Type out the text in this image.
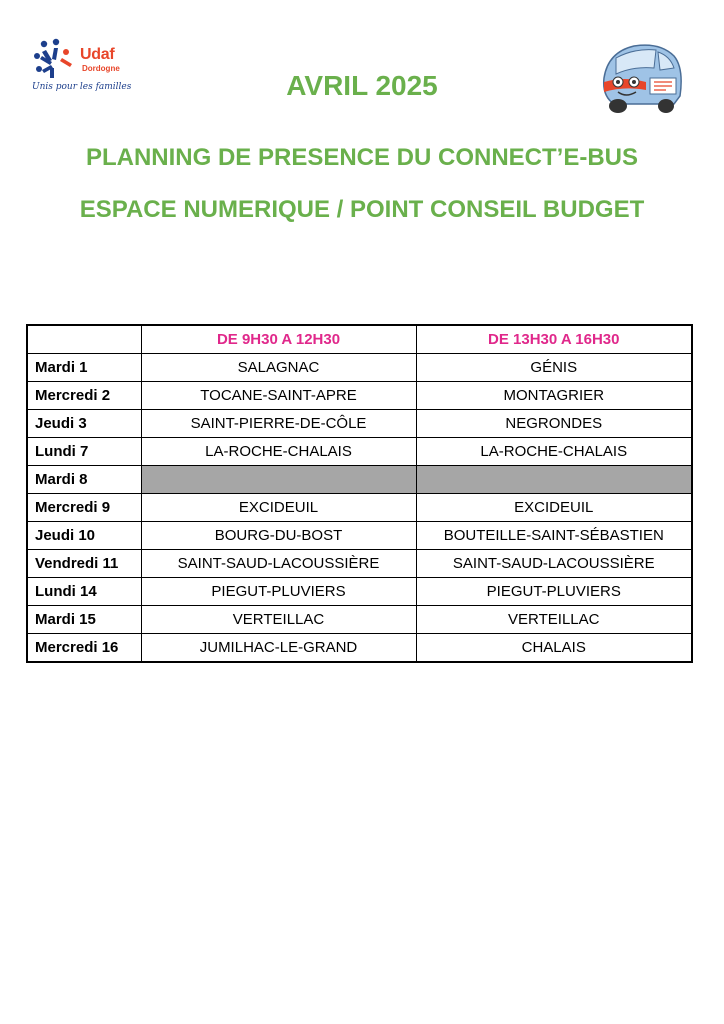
Udaf
Dordogne
Unis pour les familles	AVRIL 2025
PLANNING DE PRESENCE DU CONNECT’E-BUS
ESPACE NUMERIQUE / POINT CONSEIL BUDGET
	DE 9H30 A 12H30	DE 13H30 A 16H30
Mardi 1	SALAGNAC	GÉNIS
Mercredi 2	TOCANE-SAINT-APRE	MONTAGRIER
Jeudi 3	SAINT-PIERRE-DE-CÔLE	NEGRONDES
Lundi 7	LA-ROCHE-CHALAIS	LA-ROCHE-CHALAIS
Mardi 8		
Mercredi 9	EXCIDEUIL	EXCIDEUIL
Jeudi 10	BOURG-DU-BOST	BOUTEILLE-SAINT-SÉBASTIEN
Vendredi 11	SAINT-SAUD-LACOUSSIÈRE	SAINT-SAUD-LACOUSSIÈRE
Lundi 14	PIEGUT-PLUVIERS	PIEGUT-PLUVIERS
Mardi 15	VERTEILLAC	VERTEILLAC
Mercredi 16	JUMILHAC-LE-GRAND	CHALAIS
